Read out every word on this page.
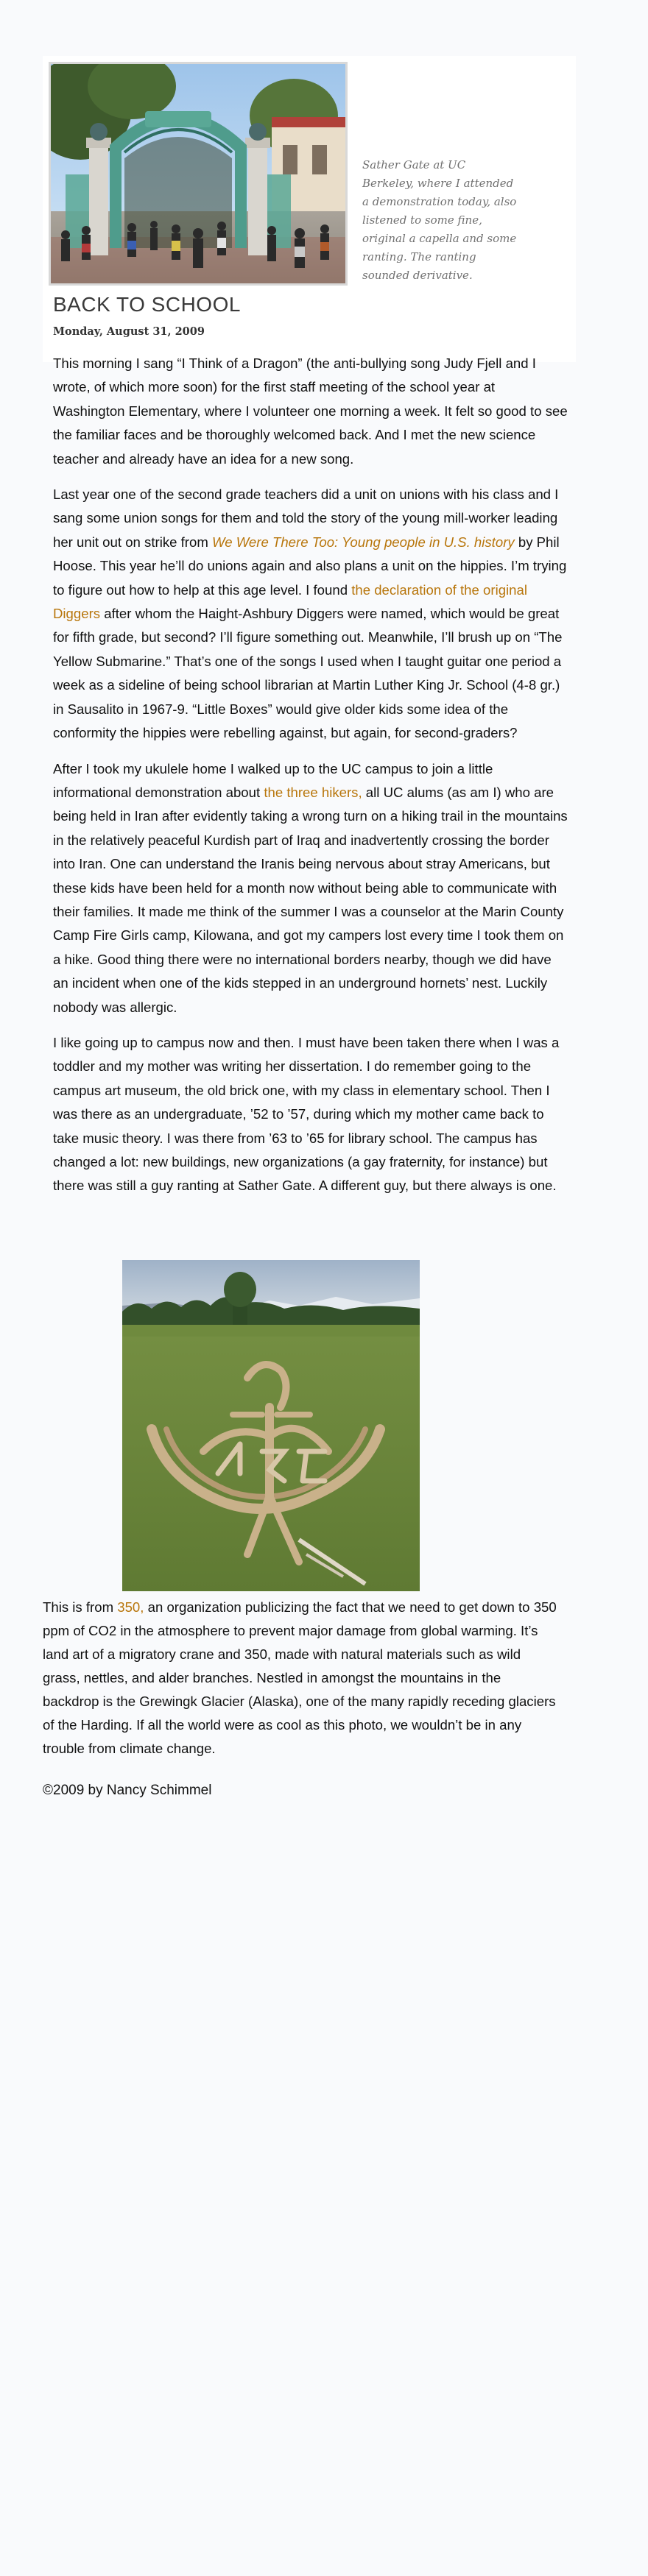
Sather Gate at UC Berkeley, where I attended a demonstration today, also listened to some fine, original a capella and some ranting. The ranting sounded derivative.
BACK TO SCHOOL
Monday, August 31, 2009

This morning I sang “I Think of a Dragon” (the anti-bullying song Judy Fjell and I wrote, of which more soon) for the first staff meeting of the school year at Washington Elementary, where I volunteer one morning a week. It felt so good to see the familiar faces and be thoroughly welcomed back. And I met the new science teacher and already have an idea for a new song.

Last year one of the second grade teachers did a unit on unions with his class and I sang some union songs for them and told the story of the young mill-worker leading her unit out on strike from We Were There Too: Young people in U.S. history by Phil Hoose. This year he’ll do unions again and also plans a unit on the hippies. I’m trying to figure out how to help at this age level. I found the declaration of the original Diggers after whom the Haight-Ashbury Diggers were named, which would be great for fifth grade, but second? I’ll figure something out. Meanwhile, I’ll brush up on “The Yellow Submarine.” That’s one of the songs I used when I taught guitar one period a week as a sideline of being school librarian at Martin Luther King Jr. School (4-8 gr.) in Sausalito in 1967-9. “Little Boxes” would give older kids some idea of the conformity the hippies were rebelling against, but again, for second-graders?

After I took my ukulele home I walked up to the UC campus to join a little informational demonstration about the three hikers, all UC alums (as am I) who are being held in Iran after evidently taking a wrong turn on a hiking trail in the mountains in the relatively peaceful Kurdish part of Iraq and inadvertently crossing the border into Iran. One can understand the Iranis being nervous about stray Americans, but these kids have been held for a month now without being able to communicate with their families. It made me think of the summer I was a counselor at the Marin County Camp Fire Girls camp, Kilowana, and got my campers lost every time I took them on a hike. Good thing there were no international borders nearby, though we did have an incident when one of the kids stepped in an underground hornets’ nest. Luckily nobody was allergic.

I like going up to campus now and then. I must have been taken there when I was a toddler and my mother was writing her dissertation. I do remember going to the campus art museum, the old brick one, with my class in elementary school. Then I was there as an undergraduate, ’52 to ’57, during which my mother came back to take music theory. I was there from ’63 to ’65 for library school. The campus has changed a lot: new buildings, new organizations (a gay fraternity, for instance) but there was still a guy ranting at Sather Gate. A different guy, but there always is one.

This is from 350, an organization publicizing the fact that we need to get down to 350 ppm of CO2 in the atmosphere to prevent major damage from global warming. It’s land art of a migratory crane and 350, made with natural materials such as wild grass, nettles, and alder branches. Nestled in amongst the mountains in the backdrop is the Grewingk Glacier (Alaska), one of the many rapidly receding glaciers of the Harding. If all the world were as cool as this photo, we wouldn’t be in any trouble from climate change.

©2009 by Nancy Schimmel
